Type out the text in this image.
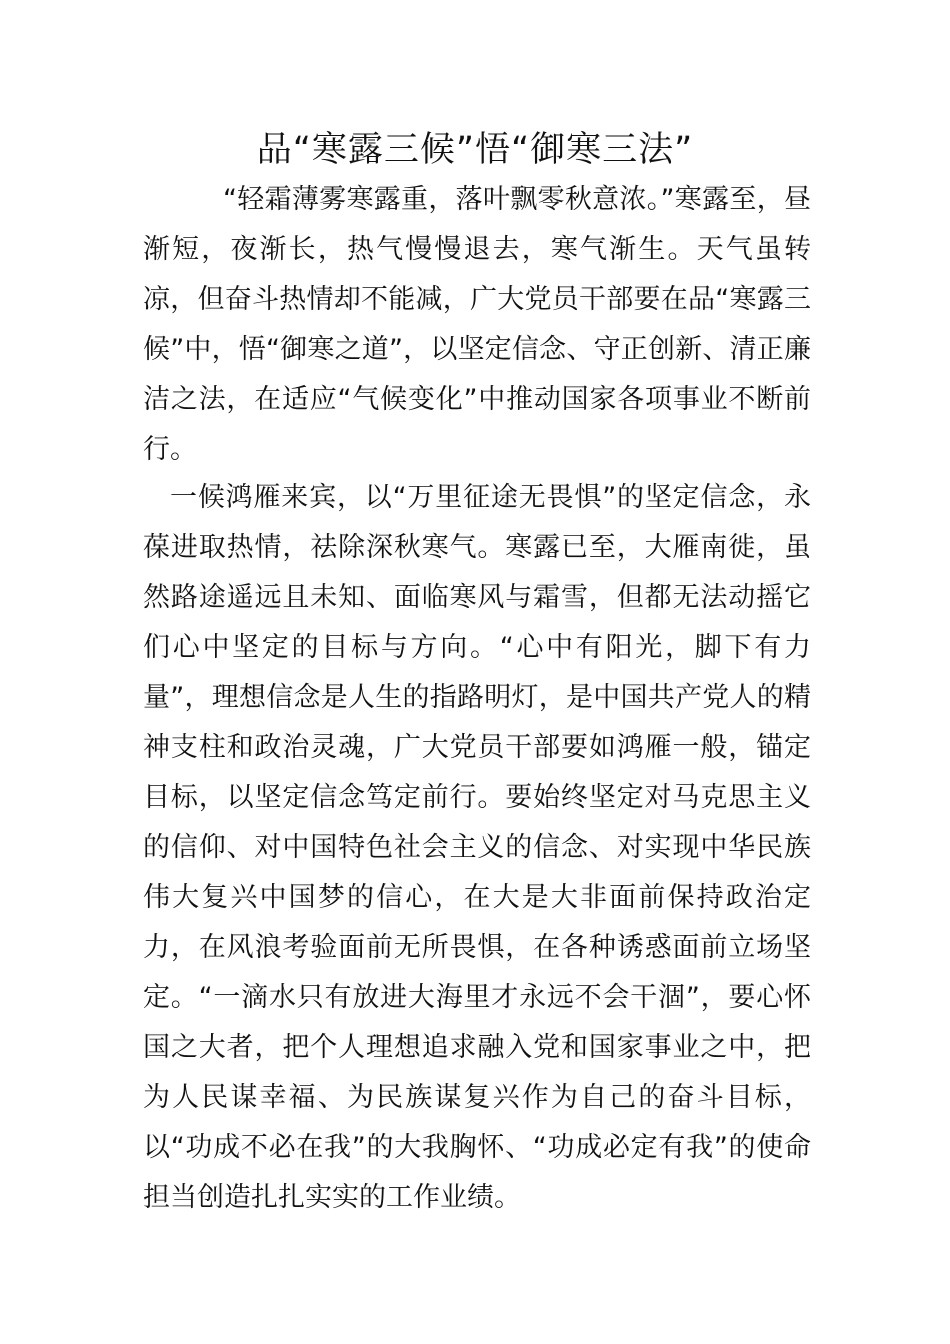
品“寒露三候”悟“御寒三法”
“轻霜薄雾寒露重，落叶飘零秋意浓。”寒露至，昼渐短，夜渐长，热气慢慢退去，寒气渐生。天气虽转凉，但奋斗热情却不能减，广大党员干部要在品“寒露三候”中，悟“御寒之道”，以坚定信念、守正创新、清正廉洁之法，在适应“气候变化”中推动国家各项事业不断前行。
一候鸿雁来宾，以“万里征途无畏惧”的坚定信念，永葆进取热情，祛除深秋寒气。寒露已至，大雁南徙，虽然路途遥远且未知、面临寒风与霜雪，但都无法动摇它们心中坚定的目标与方向。“心中有阳光，脚下有力量”，理想信念是人生的指路明灯，是中国共产党人的精神支柱和政治灵魂，广大党员干部要如鸿雁一般，锚定目标，以坚定信念笃定前行。要始终坚定对马克思主义的信仰、对中国特色社会主义的信念、对实现中华民族伟大复兴中国梦的信心，在大是大非面前保持政治定力，在风浪考验面前无所畏惧，在各种诱惑面前立场坚定。“一滴水只有放进大海里才永远不会干涸”，要心怀国之大者，把个人理想追求融入党和国家事业之中，把为人民谋幸福、为民族谋复兴作为自己的奋斗目标，以“功成不必在我”的大我胸怀、“功成必定有我”的使命担当创造扎扎实实的工作业绩。
